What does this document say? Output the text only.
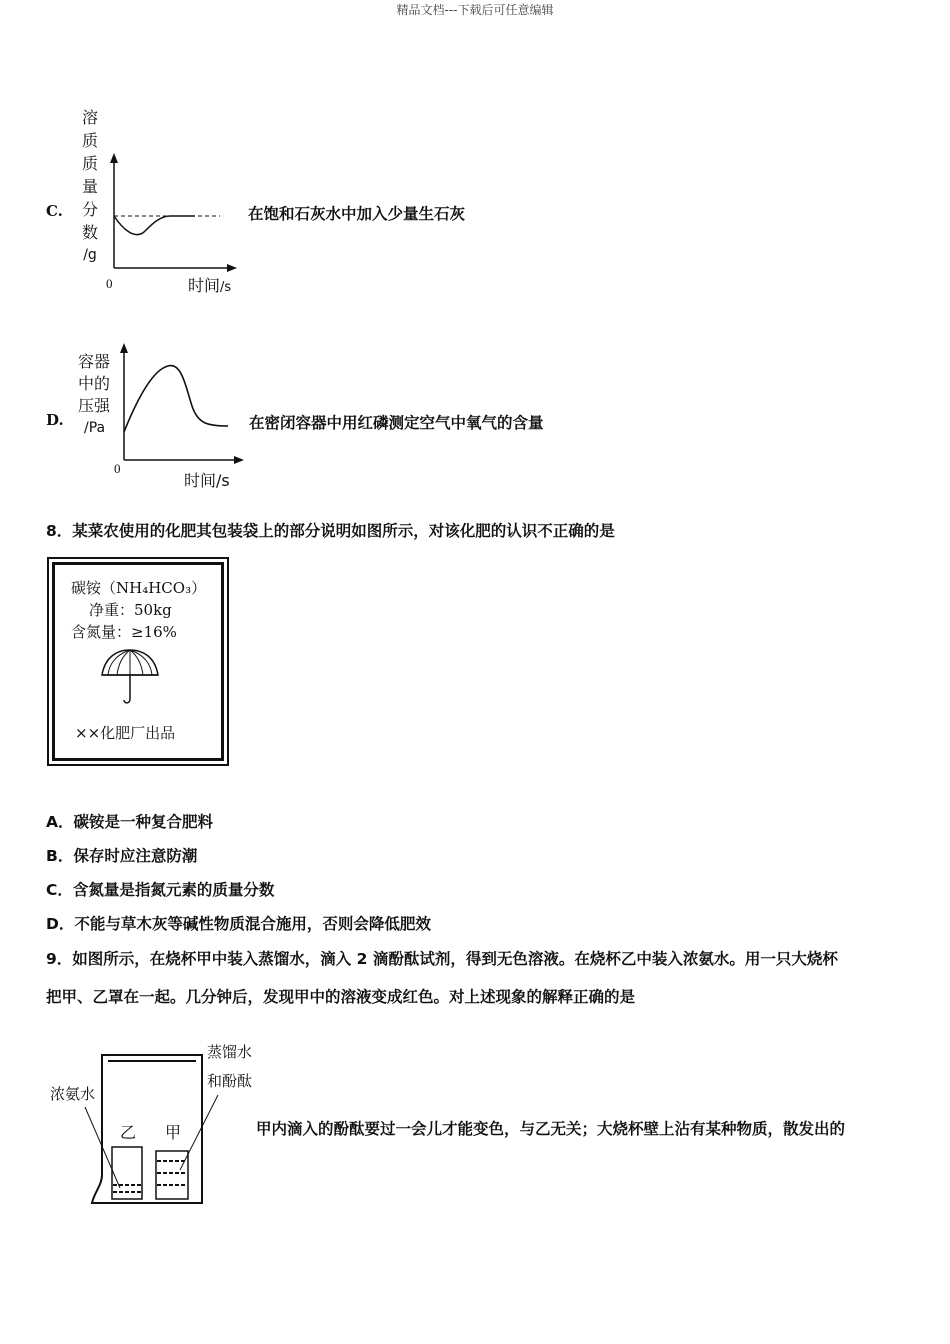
精品文档---下载后可任意编辑
C.
溶
质
质
量
分
数
/g
0	时间/s
在饱和石灰水中加入少量生石灰
D.
容器
中的
压强
/Pa
0
时间/s
在密闭容器中用红磷测定空气中氧气的含量
8．某菜农使用的化肥其包装袋上的部分说明如图所示，对该化肥的认识不正确的是
碳铵（NH₄HCO₃）
净重：50kg
含氮量：≥16%
××化肥厂出品
A．碳铵是一种复合肥料
B．保存时应注意防潮
C．含氮量是指氮元素的质量分数
D．不能与草木灰等碱性物质混合施用，否则会降低肥效
9．如图所示，在烧杯甲中装入蒸馏水，滴入 2 滴酚酞试剂，得到无色溶液。在烧杯乙中装入浓氨水。用一只大烧杯
把甲、乙罩在一起。几分钟后，发现甲中的溶液变成红色。对上述现象的解释正确的是
浓氨水
蒸馏水
和酚酞
乙 甲	甲内滴入的酚酞要过一会儿才能变色，与乙无关；大烧杯壁上沾有某种物质，散发出的
